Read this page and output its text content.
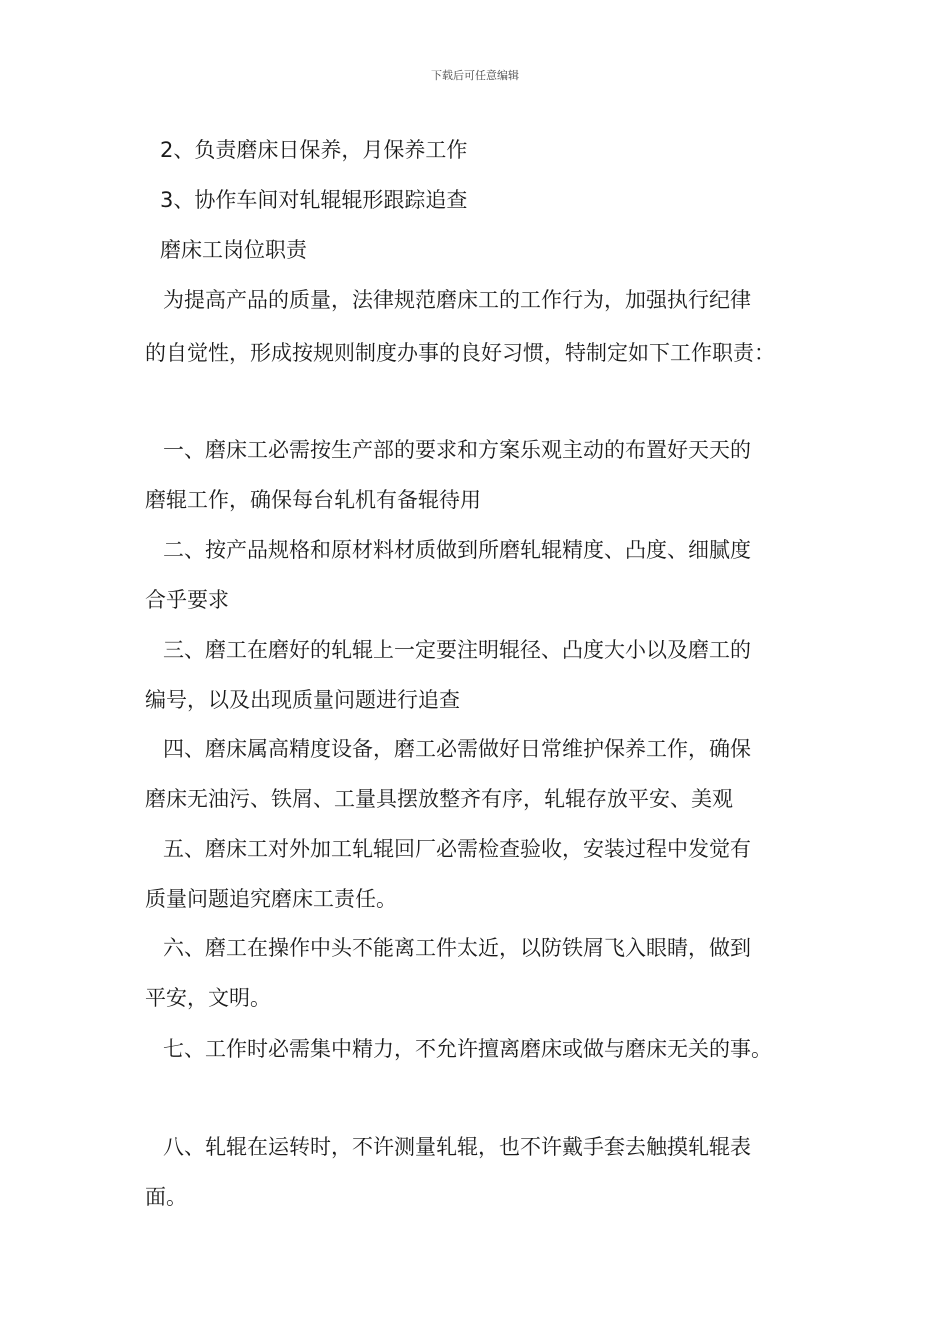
下载后可任意编辑
2、负责磨床日保养，月保养工作
3、协作车间对轧辊辊形跟踪追查
磨床工岗位职责
为提高产品的质量，法律规范磨床工的工作行为，加强执行纪律
的自觉性，形成按规则制度办事的良好习惯，特制定如下工作职责：
一、磨床工必需按生产部的要求和方案乐观主动的布置好天天的
磨辊工作，确保每台轧机有备辊待用
二、按产品规格和原材料材质做到所磨轧辊精度、凸度、细腻度
合乎要求
三、磨工在磨好的轧辊上一定要注明辊径、凸度大小以及磨工的
编号，以及出现质量问题进行追查
四、磨床属高精度设备，磨工必需做好日常维护保养工作，确保
磨床无油污、铁屑、工量具摆放整齐有序，轧辊存放平安、美观
五、磨床工对外加工轧辊回厂必需检查验收，安装过程中发觉有
质量问题追究磨床工责任。
六、磨工在操作中头不能离工件太近，以防铁屑飞入眼睛，做到
平安，文明。
七、工作时必需集中精力，不允许擅离磨床或做与磨床无关的事。
八、轧辊在运转时，不许测量轧辊，也不许戴手套去触摸轧辊表
面。
